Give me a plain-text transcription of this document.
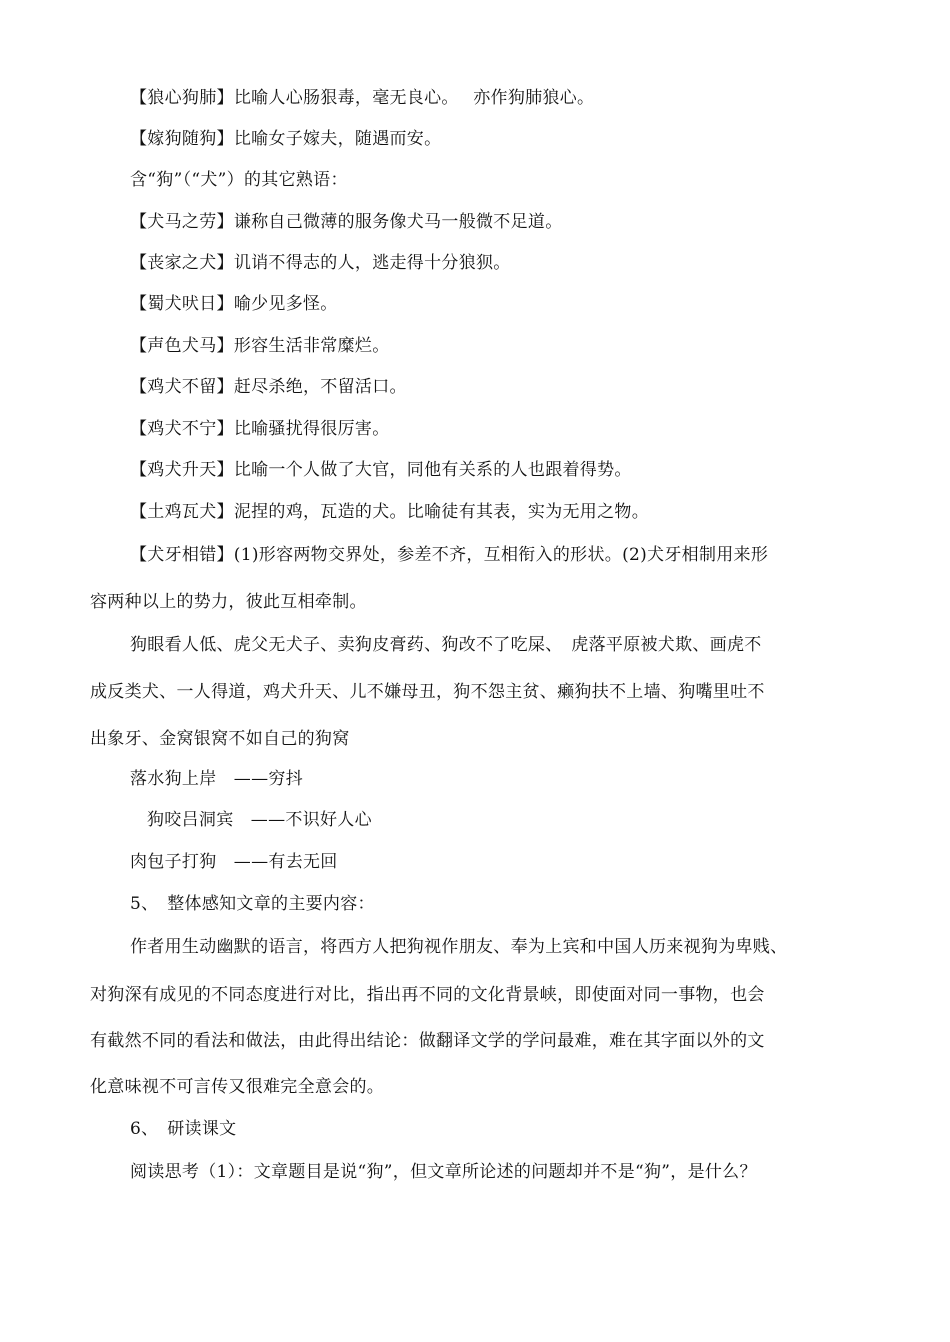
【狼心狗肺】比喻人心肠狠毒，毫无良心。　 亦作狗肺狼心。
【嫁狗随狗】比喻女子嫁夫，随遇而安。
含“狗”（“犬”）的其它熟语：
【犬马之劳】谦称自己微薄的服务像犬马一般微不足道。
【丧家之犬】讥诮不得志的人，逃走得十分狼狈。
【蜀犬吠日】喻少见多怪。
【声色犬马】形容生活非常糜烂。
【鸡犬不留】赶尽杀绝，不留活口。
【鸡犬不宁】比喻骚扰得很厉害。
【鸡犬升天】比喻一个人做了大官，同他有关系的人也跟着得势。
【土鸡瓦犬】泥捏的鸡，瓦造的犬。比喻徒有其表，实为无用之物。
【犬牙相错】(1)形容两物交界处，参差不齐，互相衔入的形状。(2)犬牙相制用来形
容两种以上的势力，彼此互相牵制。
狗眼看人低、虎父无犬子、卖狗皮膏药、狗改不了吃屎、　虎落平原被犬欺、画虎不
成反类犬、一人得道，鸡犬升天、儿不嫌母丑，狗不怨主贫、癞狗扶不上墙、狗嘴里吐不
出象牙、金窝银窝不如自己的狗窝
落水狗上岸　——穷抖
狗咬吕洞宾　——不识好人心
肉包子打狗　——有去无回
5、　整体感知文章的主要内容：
作者用生动幽默的语言，将西方人把狗视作朋友、奉为上宾和中国人历来视狗为卑贱、
对狗深有成见的不同态度进行对比，指出再不同的文化背景峡，即使面对同一事物，也会
有截然不同的看法和做法，由此得出结论：做翻译文学的学问最难，难在其字面以外的文
化意味视不可言传又很难完全意会的。
6、　研读课文
阅读思考（1）：文章题目是说“狗”，但文章所论述的问题却并不是“狗”，是什么？
